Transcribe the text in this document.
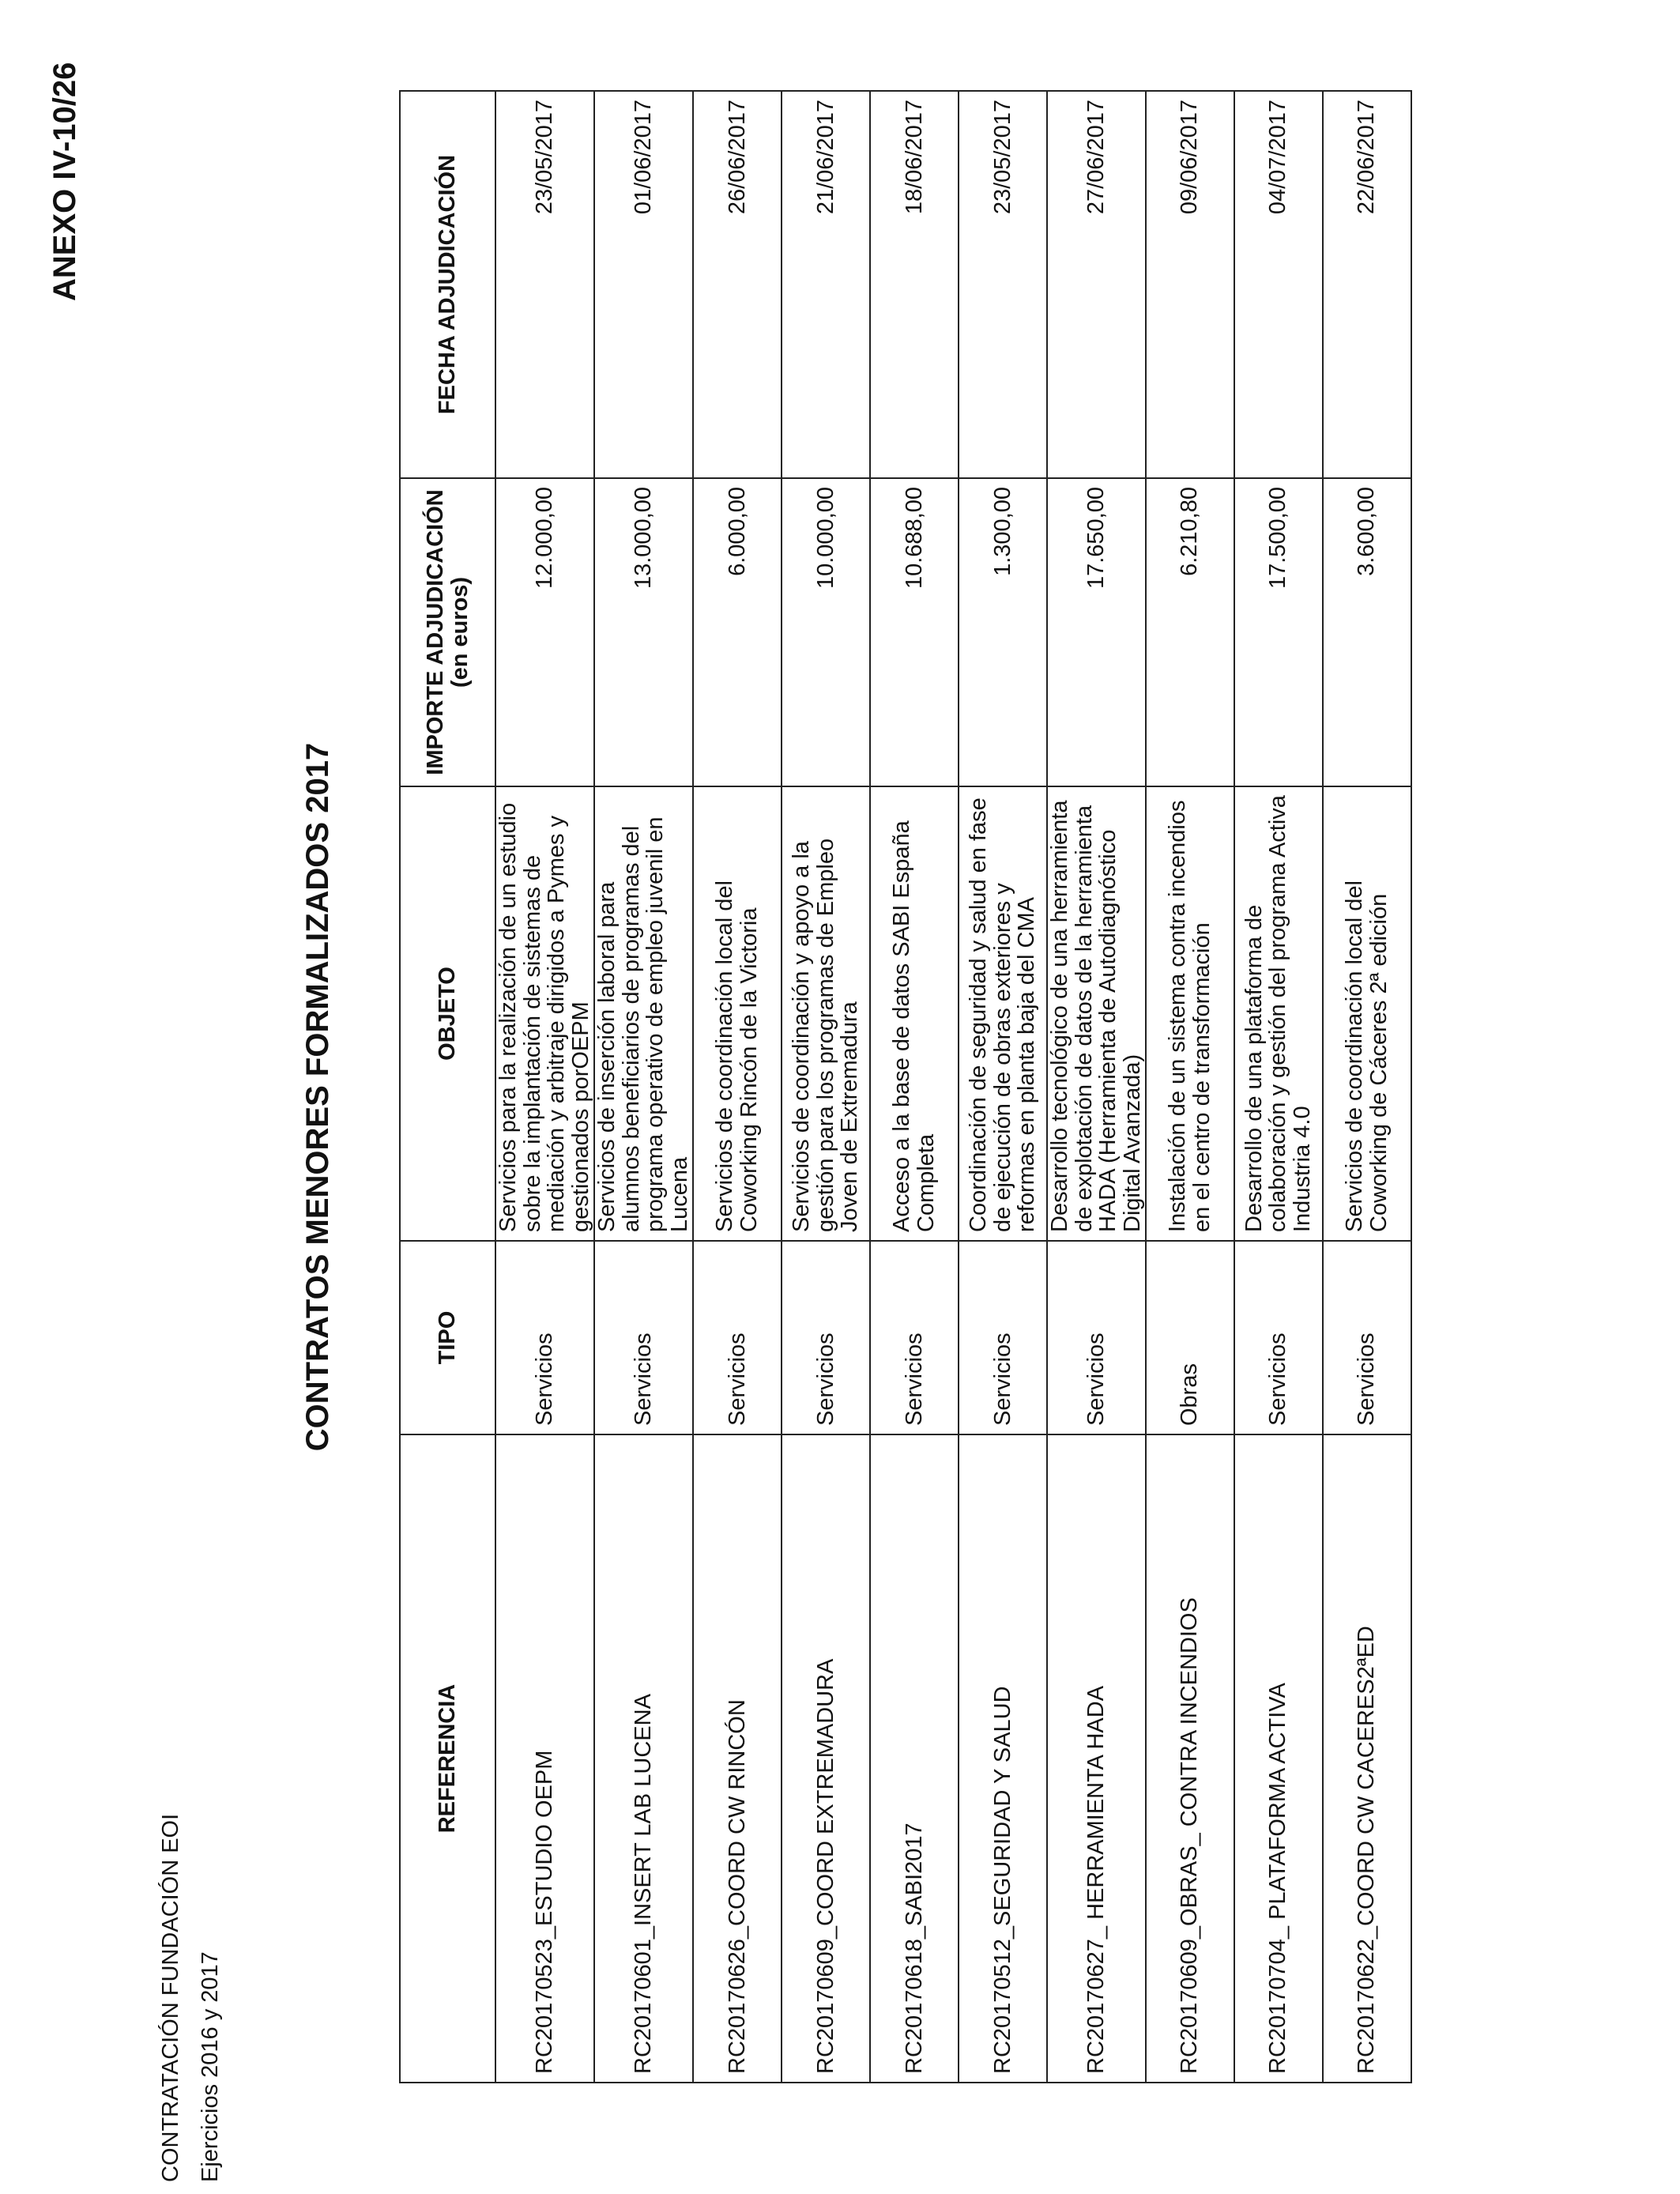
CONTRATACIÓN FUNDACIÓN EOI Ejercicios 2016 y 2017
ANEXO IV-10/26
CONTRATOS MENORES FORMALIZADOS 2017
REFERENCIA	TIPO	OBJETO	IMPORTE ADJUDICACIÓN (en euros)	FECHA ADJUDICACIÓN
RC20170523_ESTUDIO OEPM	Servicios	Servicios para la realización de un estudio sobre la implantación de sistemas de mediación y arbitraje dirigidos a Pymes y gestionados porOEPM	12.000,00	23/05/2017
RC20170601_INSERT LAB LUCENA	Servicios	Servicios de inserción laboral para alumnos beneficiarios de programas del programa operativo de empleo juvenil en Lucena	13.000,00	01/06/2017
RC20170626_COORD CW RINCÓN	Servicios	Servicios de coordinación local del Coworking Rincón de la Victoria	6.000,00	26/06/2017
RC20170609_COORD EXTREMADURA	Servicios	Servicios de coordinación y apoyo a la gestión para los programas de Empleo Joven de Extremadura	10.000,00	21/06/2017
RC20170618_SABI2017	Servicios	Acceso a la base de datos SABI España Completa	10.688,00	18/06/2017
RC20170512_SEGURIDAD Y SALUD	Servicios	Coordinación de seguridad y salud en fase de ejecución de obras exteriores y reformas en planta baja del CMA	1.300,00	23/05/2017
RC20170627_ HERRAMIENTA HADA	Servicios	Desarrollo tecnológico de una herramienta de explotación de datos de la herramienta HADA (Herramienta de Autodiagnóstico Digital Avanzada)	17.650,00	27/06/2017
RC20170609_OBRAS_ CONTRA INCENDIOS	Obras	Instalación de un sistema contra incendios en el centro de transformación	6.210,80	09/06/2017
RC20170704_ PLATAFORMA ACTIVA	Servicios	Desarrollo de una plataforma de colaboración y gestión del programa Activa Industria 4.0	17.500,00	04/07/2017
RC20170622_COORD CW CACERES2ªED	Servicios	Servicios de coordinación local del Coworking de Cáceres 2ª edición	3.600,00	22/06/2017
